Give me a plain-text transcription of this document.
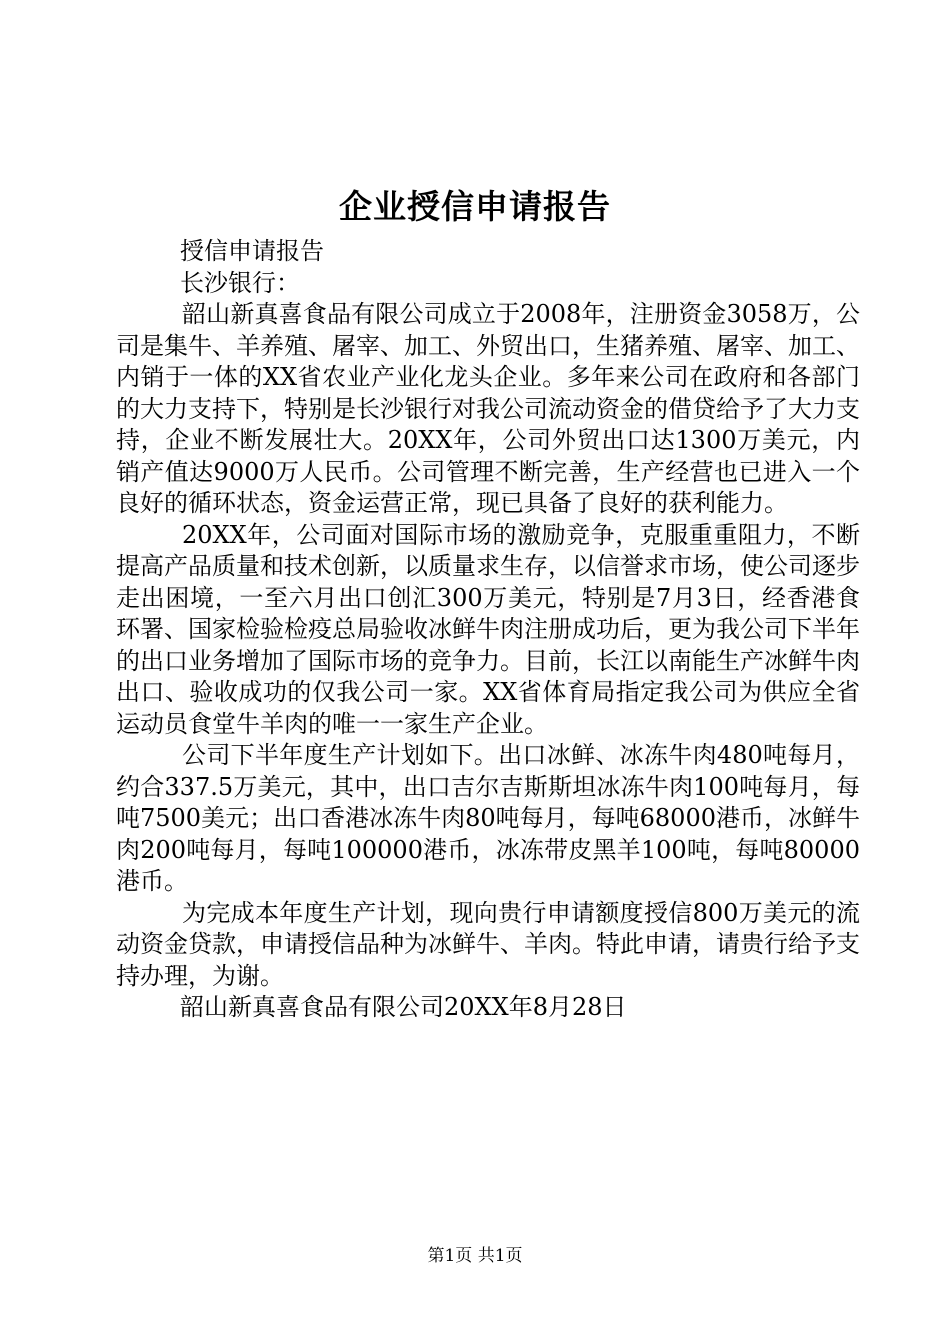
企业授信申请报告

授信申请报告

长沙银行：

韶山新真喜食品有限公司成立于2008年，注册资金3058万，公司是集牛、羊养殖、屠宰、加工、外贸出口，生猪养殖、屠宰、加工、内销于一体的XX省农业产业化龙头企业。多年来公司在政府和各部门的大力支持下，特别是长沙银行对我公司流动资金的借贷给予了大力支持，企业不断发展壮大。20XX年，公司外贸出口达1300万美元，内销产值达9000万人民币。公司管理不断完善，生产经营也已进入一个良好的循环状态，资金运营正常，现已具备了良好的获利能力。

20XX年，公司面对国际市场的激励竞争，克服重重阻力，不断提高产品质量和技术创新，以质量求生存，以信誉求市场，使公司逐步走出困境，一至六月出口创汇300万美元，特别是7月3日，经香港食环署、国家检验检疫总局验收冰鲜牛肉注册成功后，更为我公司下半年的出口业务增加了国际市场的竞争力。目前，长江以南能生产冰鲜牛肉出口、验收成功的仅我公司一家。XX省体育局指定我公司为供应全省运动员食堂牛羊肉的唯一一家生产企业。

公司下半年度生产计划如下。出口冰鲜、冰冻牛肉480吨每月，约合337.5万美元，其中，出口吉尔吉斯斯坦冰冻牛肉100吨每月，每吨7500美元；出口香港冰冻牛肉80吨每月，每吨68000港币，冰鲜牛肉200吨每月，每吨100000港币，冰冻带皮黑羊100吨，每吨80000港币。

为完成本年度生产计划，现向贵行申请额度授信800万美元的流动资金贷款，申请授信品种为冰鲜牛、羊肉。特此申请，请贵行给予支持办理，为谢。

韶山新真喜食品有限公司20XX年8月28日

第1页 共1页
